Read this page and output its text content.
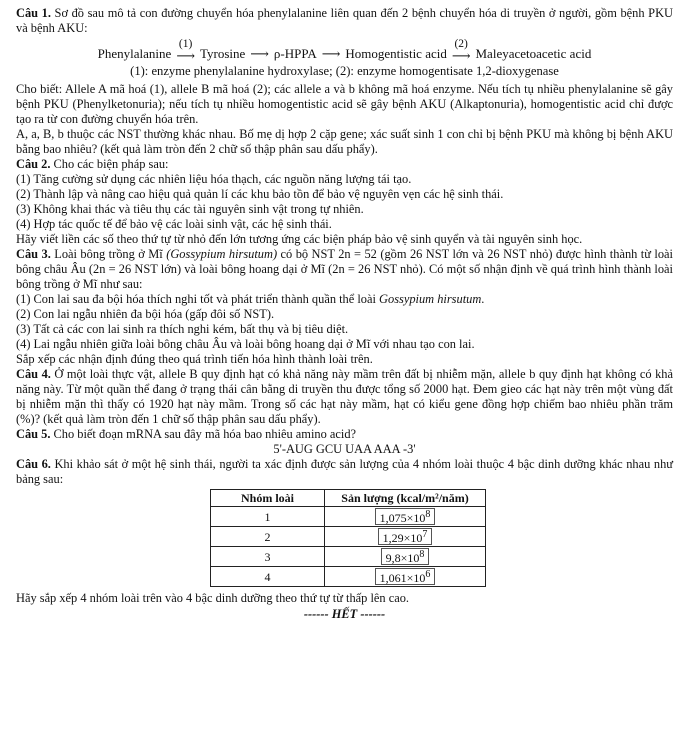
Câu 1. Sơ đồ sau mô tả con đường chuyển hóa phenylalanine liên quan đến 2 bệnh chuyển hóa di truyền ở người, gồm bệnh PKU và bệnh AKU:

Phenylalanine
(1)
⟶ Tyrosine ⟶ ρ-HPPA ⟶ Homogentistic acid
(2)
⟶ Maleyacetoacetic acid

(1): enzyme phenylalanine hydroxylase; (2): enzyme homogentisate 1,2-dioxygenase

Cho biết: Allele A mã hoá (1), allele B mã hoá (2); các allele a và b không mã hoá enzyme. Nếu tích tụ nhiều phenylalanine sẽ gây bệnh PKU (Phenylketonuria); nếu tích tụ nhiều homogentistic acid sẽ gây bệnh AKU (Alkaptonuria), homogentistic acid chỉ được tạo ra từ con đường chuyển hóa trên.

A, a, B, b thuộc các NST thường khác nhau. Bố mẹ dị hợp 2 cặp gene; xác suất sinh 1 con chỉ bị bệnh PKU mà không bị bệnh AKU bằng bao nhiêu? (kết quả làm tròn đến 2 chữ số thập phân sau dấu phẩy).

Câu 2. Cho các biện pháp sau:

(1) Tăng cường sử dụng các nhiên liệu hóa thạch, các nguồn năng lượng tái tạo.

(2) Thành lập và nâng cao hiệu quả quản lí các khu bảo tồn để bảo vệ nguyên vẹn các hệ sinh thái.

(3) Không khai thác và tiêu thụ các tài nguyên sinh vật trong tự nhiên.

(4) Hợp tác quốc tế để bảo vệ các loài sinh vật, các hệ sinh thái.

Hãy viết liền các số theo thứ tự từ nhỏ đến lớn tương ứng các biện pháp bảo vệ sinh quyển và tài nguyên sinh học.

Câu 3. Loài bông trồng ở Mĩ (Gossypium hirsutum) có bộ NST 2n = 52 (gồm 26 NST lớn và 26 NST nhỏ) được hình thành từ loài bông châu Âu (2n = 26 NST lớn) và loài bông hoang dại ở Mĩ (2n = 26 NST nhỏ). Có một số nhận định về quá trình hình thành loài bông trồng ở Mĩ như sau:

(1) Con lai sau đa bội hóa thích nghi tốt và phát triển thành quần thể loài Gossypium hirsutum.

(2) Con lai ngẫu nhiên đa bội hóa (gấp đôi số NST).

(3) Tất cả các con lai sinh ra thích nghi kém, bất thụ và bị tiêu diệt.

(4) Lai ngẫu nhiên giữa loài bông châu Âu và loài bông hoang dại ở Mĩ với nhau tạo con lai.

Sắp xếp các nhận định đúng theo quá trình tiến hóa hình thành loài trên.

Câu 4. Ở một loài thực vật, allele B quy định hạt có khả năng này mầm trên đất bị nhiễm mặn, allele b quy định hạt không có khả năng này. Từ một quần thể đang ở trạng thái cân bằng di truyền thu được tổng số 2000 hạt. Đem gieo các hạt này trên một vùng đất bị nhiễm mặn thì thấy có 1920 hạt này mầm. Trong số các hạt này mầm, hạt có kiểu gene đồng hợp chiếm bao nhiêu phần trăm (%)? (kết quả làm tròn đến 1 chữ số thập phân sau dấu phẩy).

Câu 5. Cho biết đoạn mRNA sau đây mã hóa bao nhiêu amino acid?

5'-AUG GCU UAA AAA -3'

Câu 6. Khi khảo sát ở một hệ sinh thái, người ta xác định được sản lượng của 4 nhóm loài thuộc 4 bậc dinh dưỡng khác nhau như bảng sau:

Nhóm loài	Sản lượng (kcal/m²/năm)
1	$1,075\times 10^8$
2	$1,29\times 10^7$
3	$9,8\times 10^8$
4	$1,061\times 10^6$

Hãy sắp xếp 4 nhóm loài trên vào 4 bậc dinh dưỡng theo thứ tự từ thấp lên cao.

------ HẾT ------
